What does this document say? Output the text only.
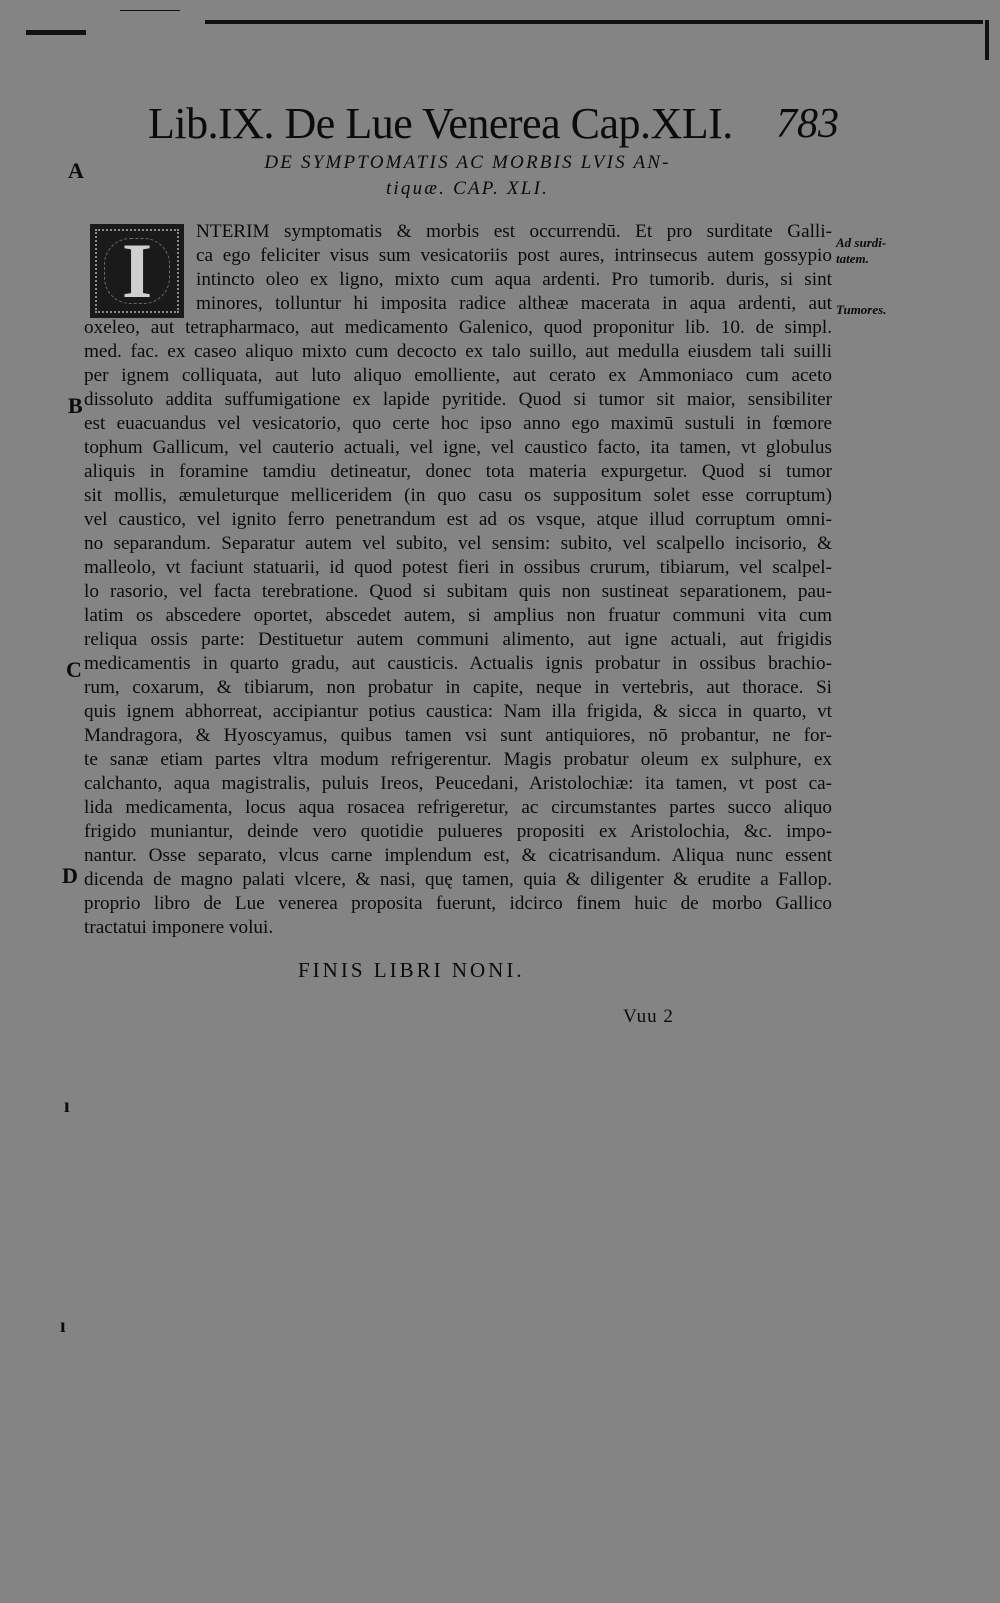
Lib.IX. De Lue Venerea Cap.XLI. 783
A	DE SYMPTOMATIS AC MORBIS LVIS AN-
tiquæ. CAP. XLI.
I	Ad surdi-
tatem.
Tumores.
B
C
D
NTERIM symptomatis & morbis est occurrendū. Et pro surditate Galli-
ca ego feliciter visus sum vesicatoriis post aures, intrinsecus autem gossypio
intincto oleo ex ligno, mixto cum aqua ardenti. Pro tumorib. duris, si sint
minores, tolluntur hi imposita radice altheæ macerata in aqua ardenti, aut
oxeleo, aut tetrapharmaco, aut medicamento Galenico, quod proponitur lib. 10. de simpl.
med. fac. ex caseo aliquo mixto cum decocto ex talo suillo, aut medulla eiusdem tali suilli
per ignem colliquata, aut luto aliquo emolliente, aut cerato ex Ammoniaco cum aceto
dissoluto addita suffumigatione ex lapide pyritide. Quod si tumor sit maior, sensibiliter
est euacuandus vel vesicatorio, quo certe hoc ipso anno ego maximū sustuli in fœmore
tophum Gallicum, vel cauterio actuali, vel igne, vel caustico facto, ita tamen, vt globulus
aliquis in foramine tamdiu detineatur, donec tota materia expurgetur. Quod si tumor
sit mollis, æmuleturque melliceridem (in quo casu os suppositum solet esse corruptum)
vel caustico, vel ignito ferro penetrandum est ad os vsque, atque illud corruptum omni-
no separandum. Separatur autem vel subito, vel sensim: subito, vel scalpello incisorio, &
malleolo, vt faciunt statuarii, id quod potest fieri in ossibus crurum, tibiarum, vel scalpel-
lo rasorio, vel facta terebratione. Quod si subitam quis non sustineat separationem, pau-
latim os abscedere oportet, abscedet autem, si amplius non fruatur communi vita cum
reliqua ossis parte: Destituetur autem communi alimento, aut igne actuali, aut frigidis
medicamentis in quarto gradu, aut causticis. Actualis ignis probatur in ossibus brachio-
rum, coxarum, & tibiarum, non probatur in capite, neque in vertebris, aut thorace. Si
quis ignem abhorreat, accipiantur potius caustica: Nam illa frigida, & sicca in quarto, vt
Mandragora, & Hyoscyamus, quibus tamen vsi sunt antiquiores, nō probantur, ne for-
te sanæ etiam partes vltra modum refrigerentur. Magis probatur oleum ex sulphure, ex
calchanto, aqua magistralis, puluis Ireos, Peucedani, Aristolochiæ: ita tamen, vt post ca-
lida medicamenta, locus aqua rosacea refrigeretur, ac circumstantes partes succo aliquo
frigido muniantur, deinde vero quotidie pulueres propositi ex Aristolochia, &c. impo-
nantur. Osse separato, vlcus carne implendum est, & cicatrisandum. Aliqua nunc essent
dicenda de magno palati vlcere, & nasi, quę tamen, quia & diligenter & erudite a Fallop.
proprio libro de Lue venerea proposita fuerunt, idcirco finem huic de morbo Gallico
tractatui imponere volui.
FINIS LIBRI NONI.
Vuu 2
ı
ı
